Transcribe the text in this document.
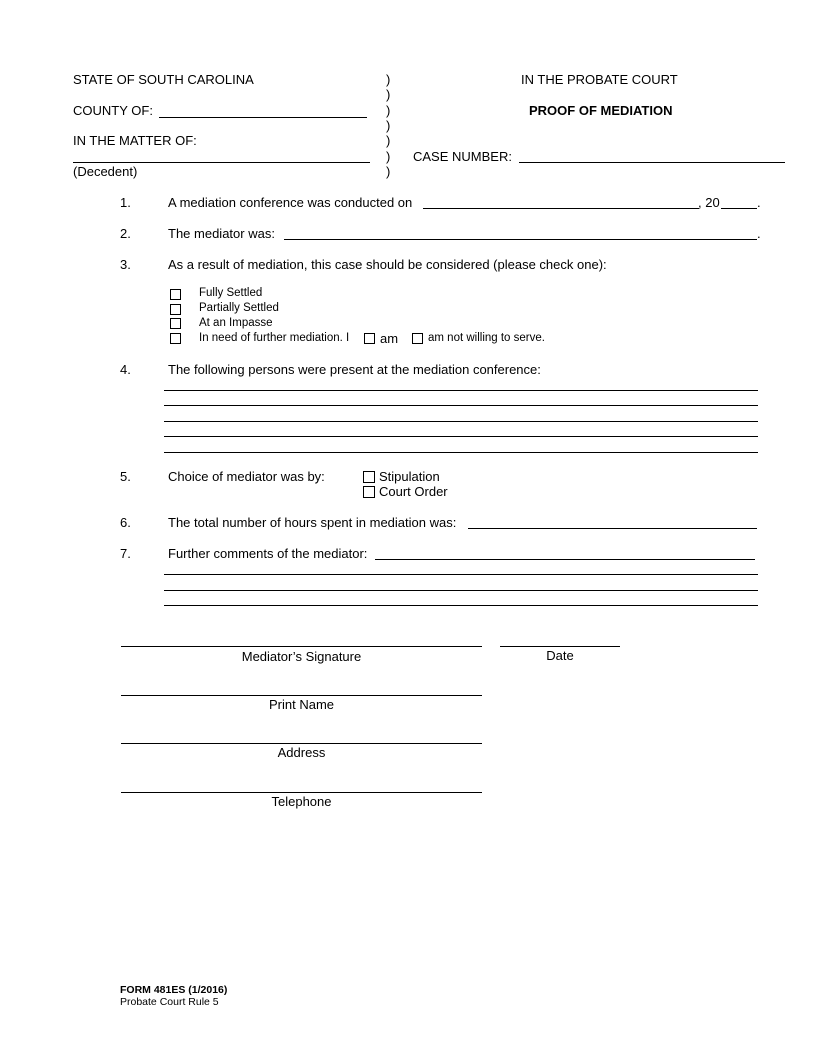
STATE OF SOUTH CAROLINA
COUNTY OF:
IN THE MATTER OF:
(Decedent)
)
)
)
)
)
)
)
IN THE PROBATE COURT
PROOF OF MEDIATION
CASE NUMBER:
1.	A mediation conference was conducted on	, 20	.
2.	The mediator was:	.
3.	As a result of mediation, this case should be considered (please check one):
Fully Settled
Partially Settled
At an Impasse
In need of further mediation. I am	am not willing to serve.
4.	The following persons were present at the mediation conference:
5.	Choice of mediator was by:	Stipulation
Court Order
6.	The total number of hours spent in mediation was:
7.	Further comments of the mediator:
Mediator’s Signature	Date
Print Name
Address
Telephone
FORM 481ES (1/2016)
Probate Court Rule 5
